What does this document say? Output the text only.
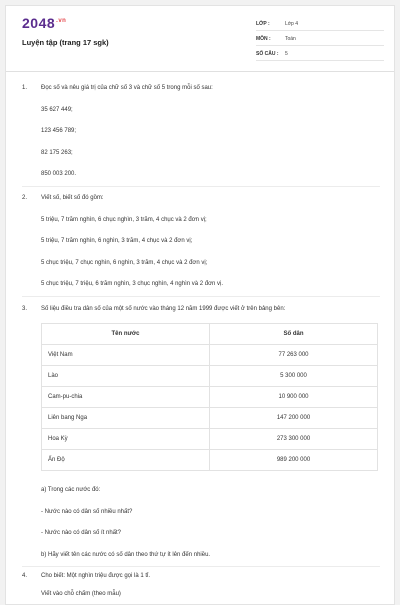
$2048^{.vn}$
Luyện tập (trang 17 sgk)
LỚP :	Lớp 4
MÔN :	Toán
SỐ CÂU :	5
1.	Đọc số và nêu giá trị của chữ số 3 và chữ số 5 trong mỗi số sau:
35 627 449;
123 456 789;
82 175 263;
850 003 200.
2.	Viết số, biết số đó gồm:
5 triệu, 7 trăm nghìn, 6 chục nghìn, 3 trăm, 4 chục và 2 đơn vị;
5 triệu, 7 trăm nghìn, 6 nghìn, 3 trăm, 4 chục và 2 đơn vị;
5 chục triệu, 7 chục nghìn, 6 nghìn, 3 trăm, 4 chục và 2 đơn vị;
5 chục triệu, 7 triệu, 6 trăm nghìn, 3 chục nghìn, 4 nghìn và 2 đơn vị.
3.	Số liệu điều tra dân số của một số nước vào tháng 12 năm 1999 được viết ở trên bảng bên:
Tên nước	Số dân
Việt Nam	77 263 000
Lào	5 300 000
Cam-pu-chia	10 900 000
Liên bang Nga	147 200 000
Hoa Kỳ	273 300 000
Ấn Độ	989 200 000
a) Trong các nước đó:
- Nước nào có dân số nhiều nhất?
- Nước nào có dân số ít nhất?
b) Hãy viết tên các nước có số dân theo thứ tự ít lên đến nhiều.
4.	Cho biết: Một nghìn triệu được gọi là 1 tỉ.
Viết vào chỗ chấm (theo mẫu)
